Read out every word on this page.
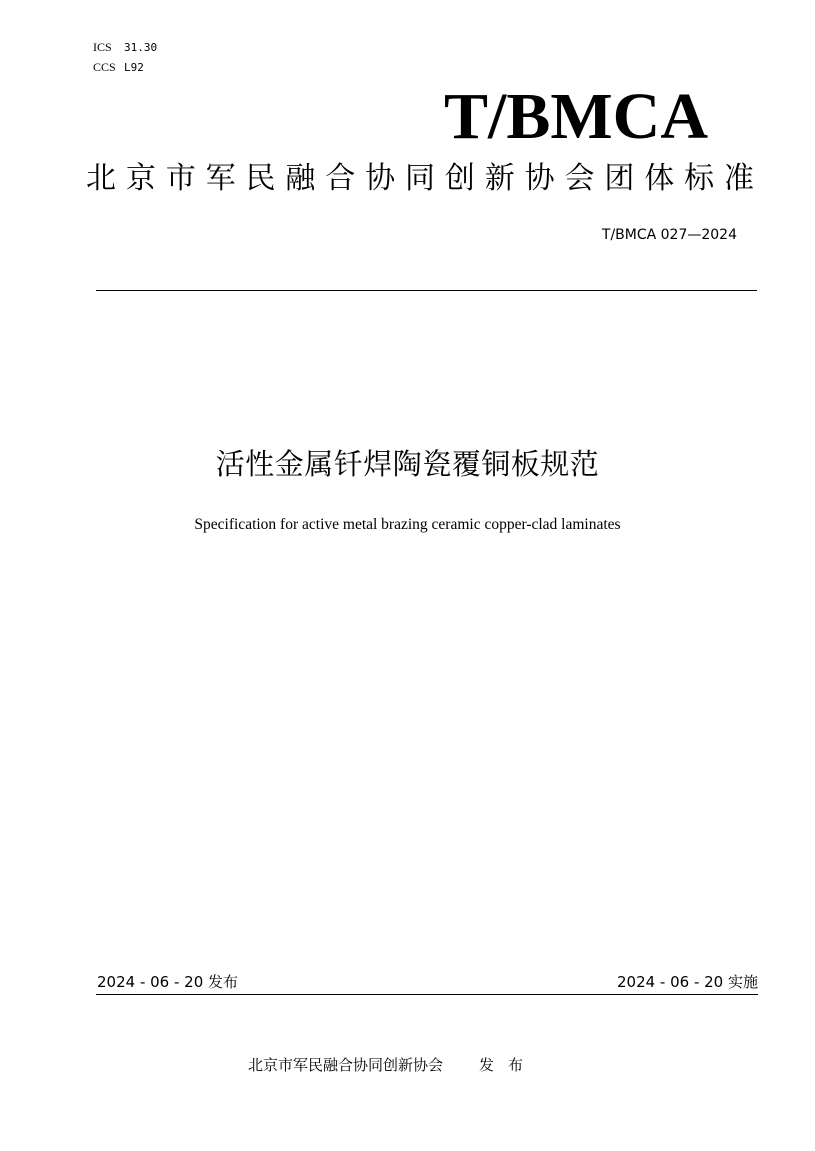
ICS 31.30
CCS L92
T/BMCA
北 京 市 军 民 融 合 协 同 创 新 协 会 团 体 标 准
T/BMCA 027—2024
活性金属钎焊陶瓷覆铜板规范
Specification for active metal brazing ceramic copper-clad laminates
2024 - 06 - 20 发布	2024 - 06 - 20 实施
北京市军民融合协同创新协会 发布
